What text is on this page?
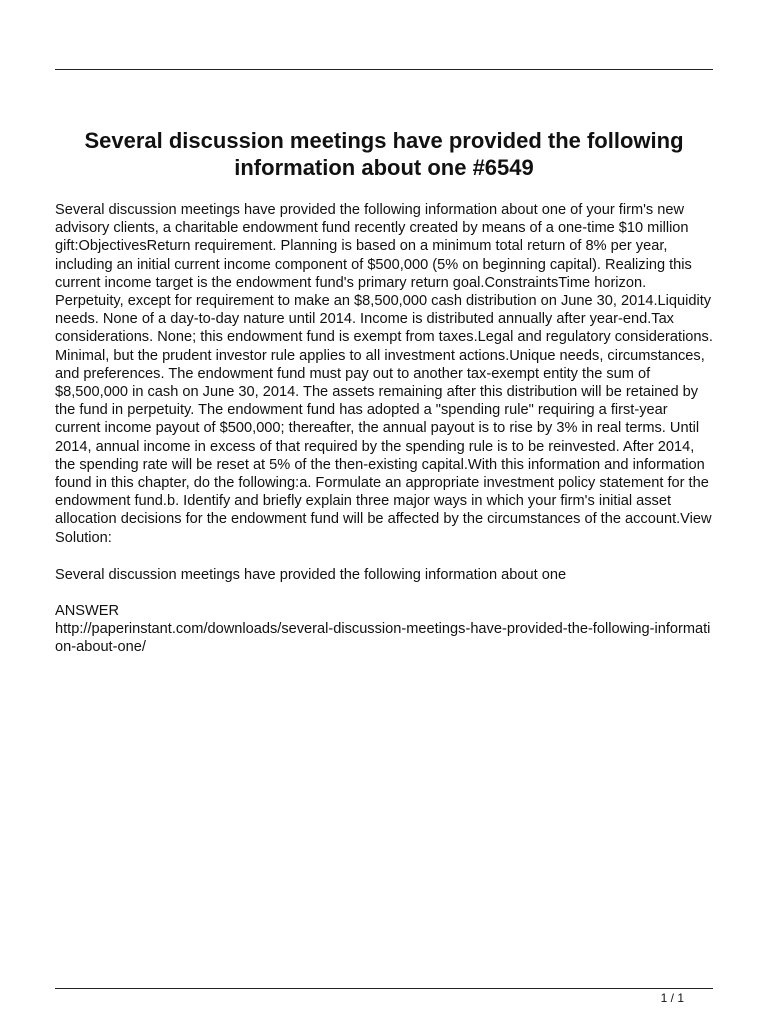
Several discussion meetings have provided the following information about one #6549

Several discussion meetings have provided the following information about one of your firm's new advisory clients, a charitable endowment fund recently created by means of a one-time $10 million gift:ObjectivesReturn requirement. Planning is based on a minimum total return of 8% per year, including an initial current income component of $500,000 (5% on beginning capital). Realizing this current income target is the endowment fund's primary return goal.ConstraintsTime horizon. Perpetuity, except for requirement to make an $8,500,000 cash distribution on June 30, 2014.Liquidity needs. None of a day-to-day nature until 2014. Income is distributed annually after year-end.Tax considerations. None; this endowment fund is exempt from taxes.Legal and regulatory considerations. Minimal, but the prudent investor rule applies to all investment actions.Unique needs, circumstances, and preferences. The endowment fund must pay out to another tax-exempt entity the sum of $8,500,000 in cash on June 30, 2014. The assets remaining after this distribution will be retained by the fund in perpetuity. The endowment fund has adopted a "spending rule" requiring a first-year current income payout of $500,000; thereafter, the annual payout is to rise by 3% in real terms. Until 2014, annual income in excess of that required by the spending rule is to be reinvested. After 2014, the spending rate will be reset at 5% of the then-existing capital.With this information and information found in this chapter, do the following:a. Formulate an appropriate investment policy statement for the endowment fund.b. Identify and briefly explain three major ways in which your firm's initial asset allocation decisions for the endowment fund will be affected by the circumstances of the account.View Solution:

Several discussion meetings have provided the following information about one

ANSWER

http://paperinstant.com/downloads/several-discussion-meetings-have-provided-the-following-information-about-one/
1 / 1
